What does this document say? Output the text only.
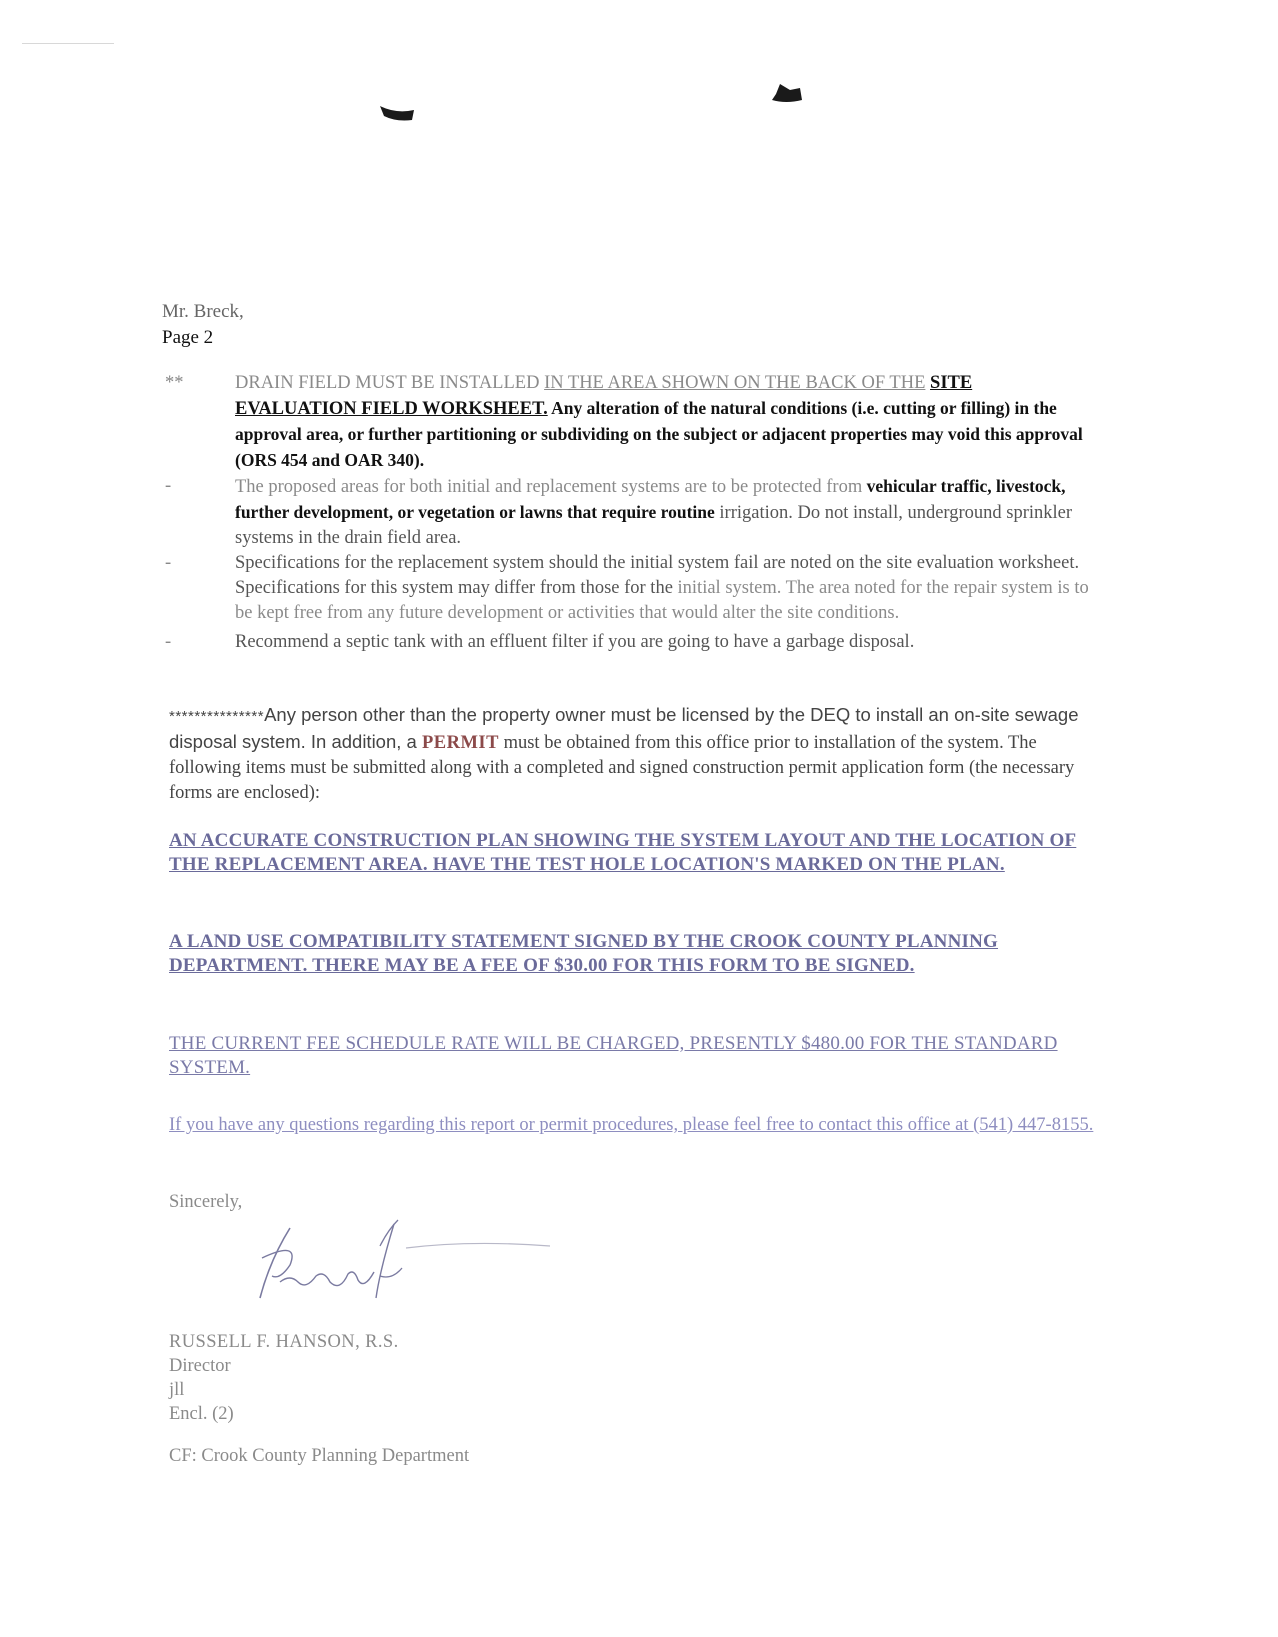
Mr. Breck,
Page 2
**	DRAIN FIELD MUST BE INSTALLED IN THE AREA SHOWN ON THE BACK OF THE SITE EVALUATION FIELD WORKSHEET. Any alteration of the natural conditions (i.e. cutting or filling) in the approval area, or further partitioning or subdividing on the subject or adjacent properties may void this approval (ORS 454 and OAR 340).
-	The proposed areas for both initial and replacement systems are to be protected from vehicular traffic, livestock, further development, or vegetation or lawns that require routine irrigation. Do not install, underground sprinkler systems in the drain field area.
-	Specifications for the replacement system should the initial system fail are noted on the site evaluation worksheet. Specifications for this system may differ from those for the initial system. The area noted for the repair system is to be kept free from any future development or activities that would alter the site conditions.
-	Recommend a septic tank with an effluent filter if you are going to have a garbage disposal.
***************Any person other than the property owner must be licensed by the DEQ to install an on-site sewage disposal system. In addition, a PERMIT must be obtained from this office prior to installation of the system. The following items must be submitted along with a completed and signed construction permit application form (the necessary forms are enclosed):
AN ACCURATE CONSTRUCTION PLAN SHOWING THE SYSTEM LAYOUT AND THE LOCATION OF THE REPLACEMENT AREA. HAVE THE TEST HOLE LOCATION'S MARKED ON THE PLAN.
A LAND USE COMPATIBILITY STATEMENT SIGNED BY THE CROOK COUNTY PLANNING DEPARTMENT. THERE MAY BE A FEE OF $30.00 FOR THIS FORM TO BE SIGNED.
THE CURRENT FEE SCHEDULE RATE WILL BE CHARGED, PRESENTLY $480.00 FOR THE STANDARD SYSTEM.
If you have any questions regarding this report or permit procedures, please feel free to contact this office at (541) 447-8155.
Sincerely,
RUSSELL F. HANSON, R.S.
Director
jll
Encl. (2)
CF: Crook County Planning Department
